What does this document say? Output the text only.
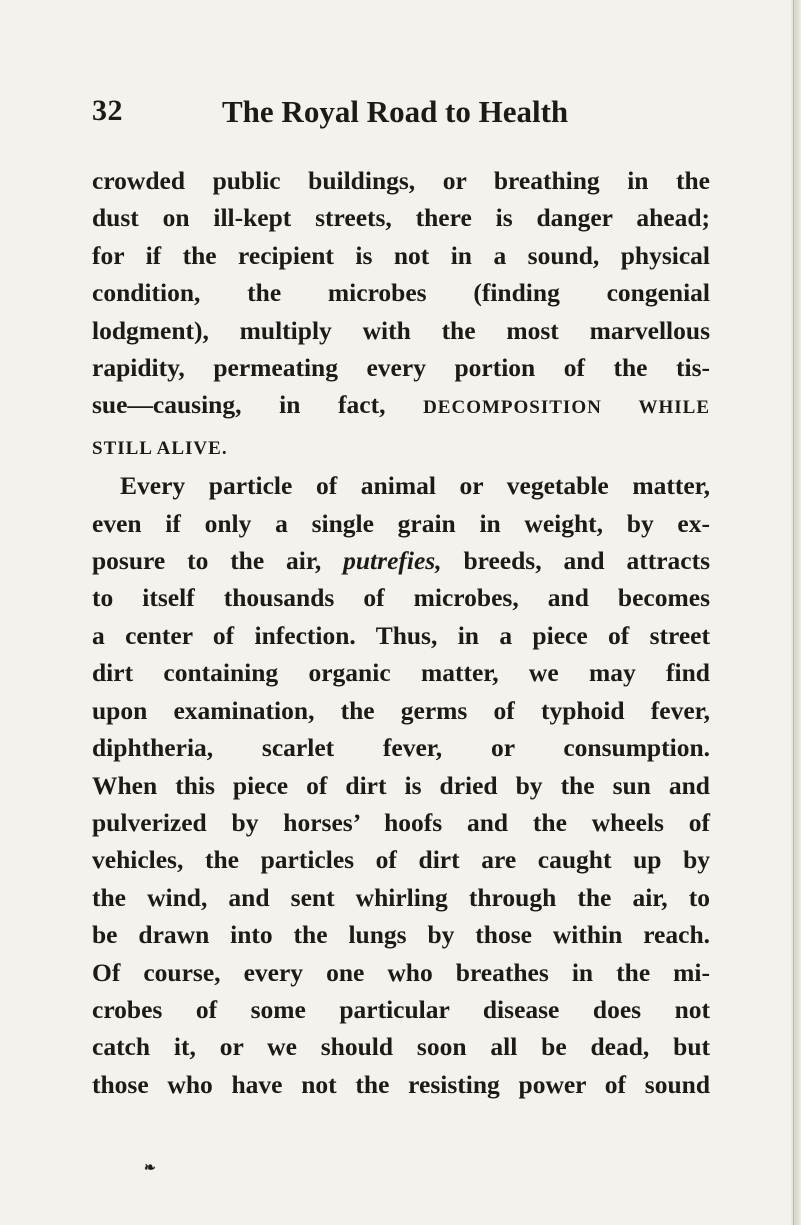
32	The Royal Road to Health
crowded public buildings, or breathing in the
dust on ill-kept streets, there is danger ahead;
for if the recipient is not in a sound, physical
condition, the microbes (finding congenial
lodgment), multiply with the most marvellous
rapidity, permeating every portion of the tis-
sue—causing, in fact, DECOMPOSITION WHILE
STILL ALIVE.
Every particle of animal or vegetable matter,
even if only a single grain in weight, by ex-
posure to the air, putrefies, breeds, and attracts
to itself thousands of microbes, and becomes
a center of infection. Thus, in a piece of street
dirt containing organic matter, we may find
upon examination, the germs of typhoid fever,
diphtheria, scarlet fever, or consumption.
When this piece of dirt is dried by the sun and
pulverized by horses’ hoofs and the wheels of
vehicles, the particles of dirt are caught up by
the wind, and sent whirling through the air, to
be drawn into the lungs by those within reach.
Of course, every one who breathes in the mi-
crobes of some particular disease does not
catch it, or we should soon all be dead, but
those who have not the resisting power of sound
❧
